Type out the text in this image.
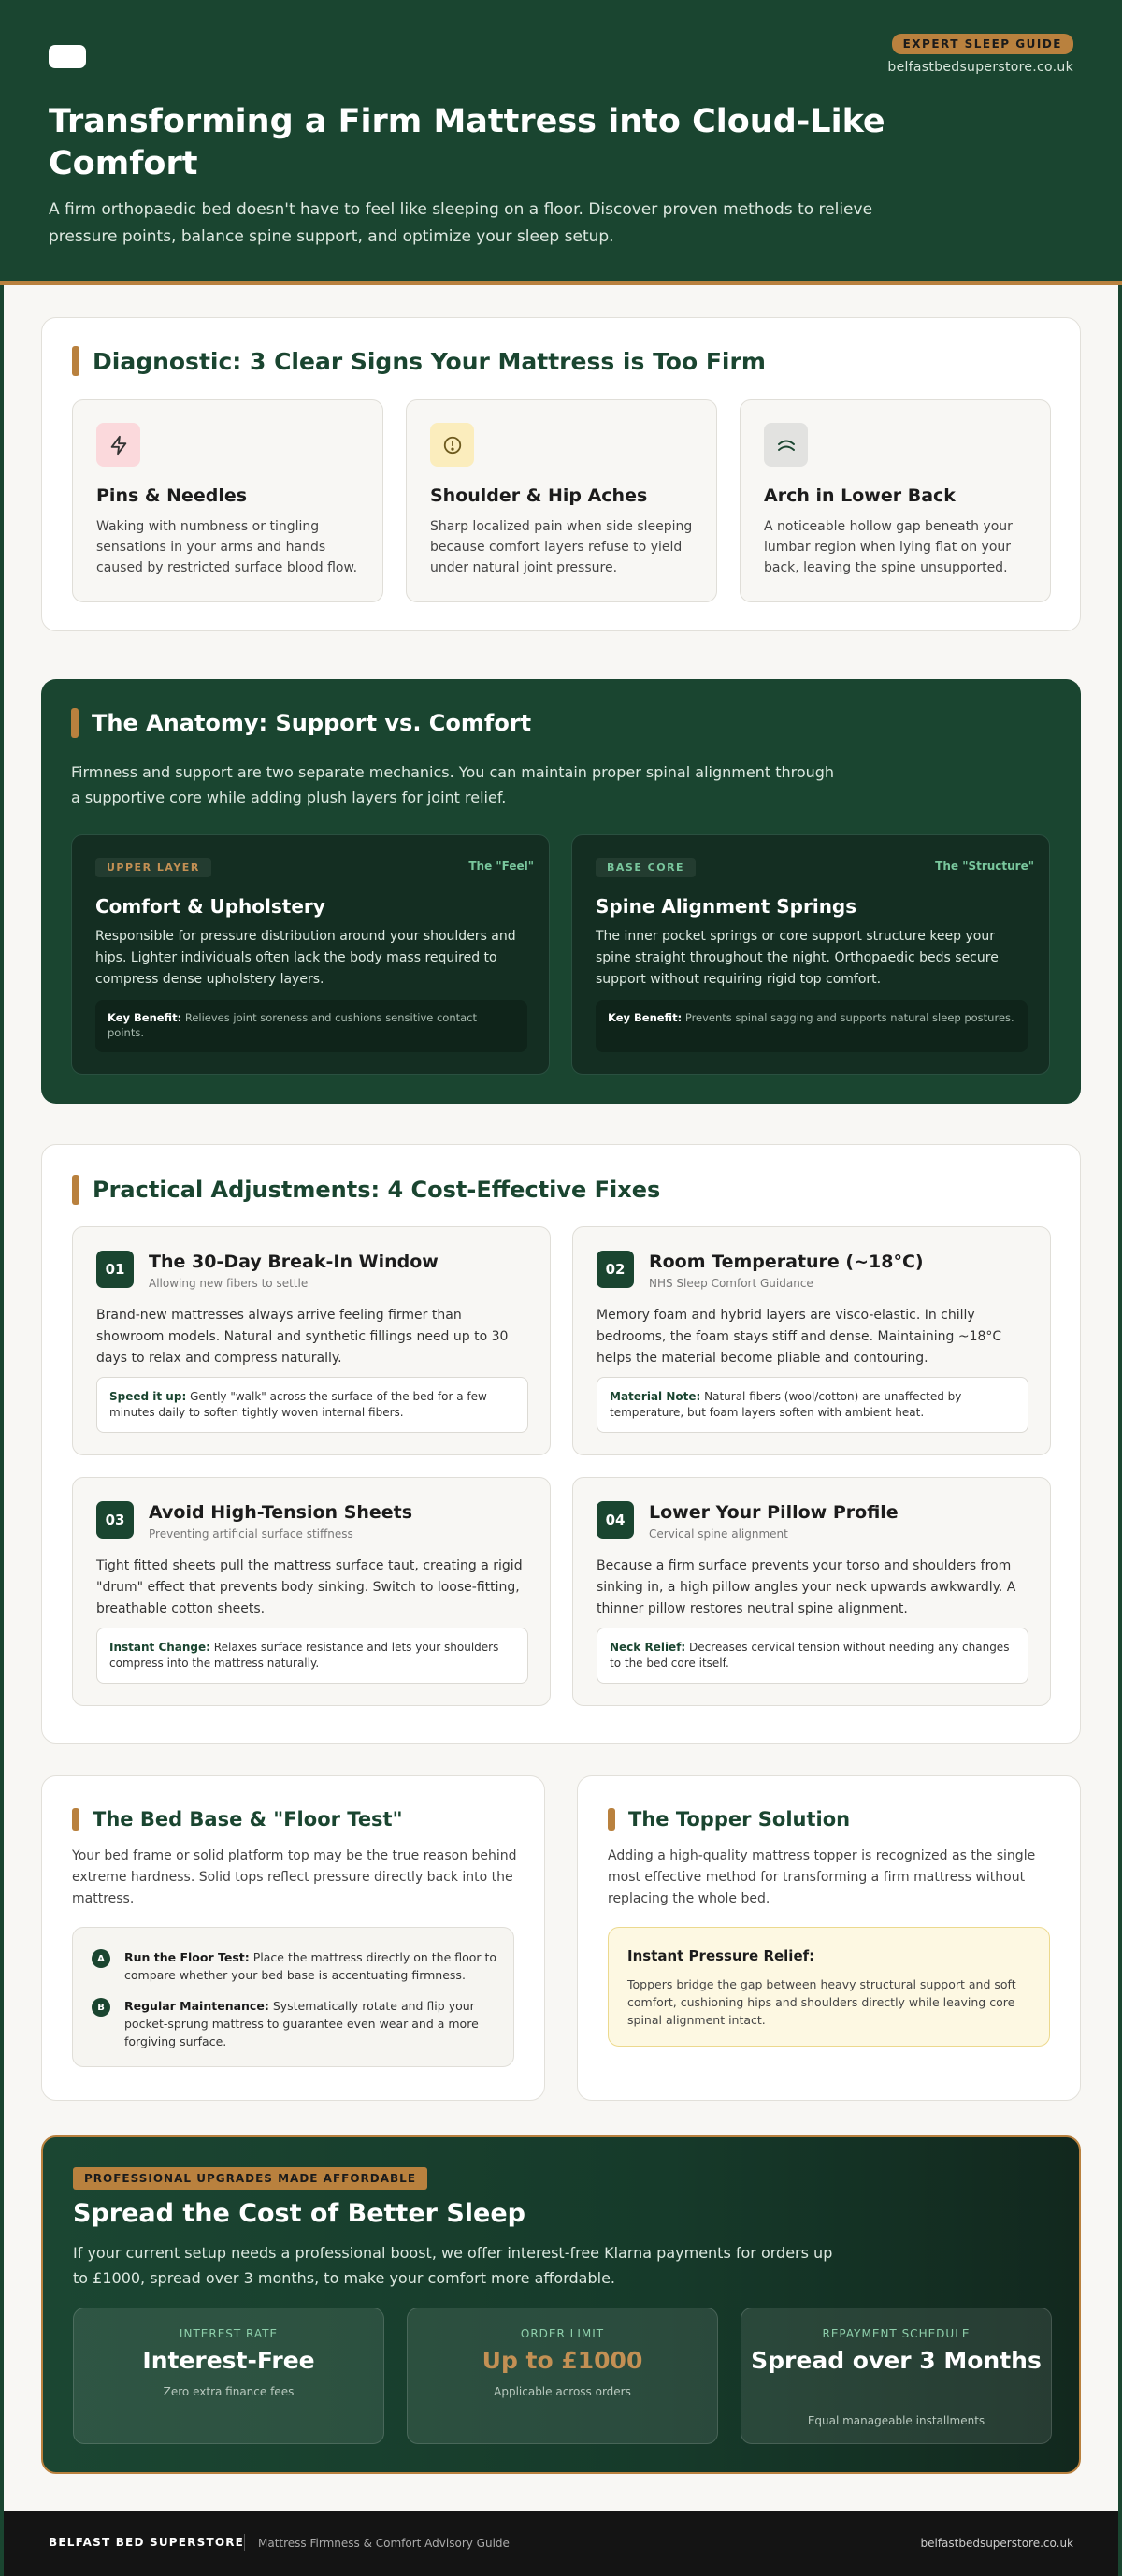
EXPERT SLEEP GUIDE
belfastbedsuperstore.co.uk
Transforming a Firm Mattress into Cloud-Like Comfort

A firm orthopaedic bed doesn't have to feel like sleeping on a floor. Discover proven methods to relieve pressure points, balance spine support, and optimize your sleep setup.

Diagnostic: 3 Clear Signs Your Mattress is Too Firm
Pins & Needles

Waking with numbness or tingling sensations in your arms and hands caused by restricted surface blood flow.

Shoulder & Hip Aches

Sharp localized pain when side sleeping because comfort layers refuse to yield under natural joint pressure.

Arch in Lower Back

A noticeable hollow gap beneath your lumbar region when lying flat on your back, leaving the spine unsupported.

The Anatomy: Support vs. Comfort

Firmness and support are two separate mechanics. You can maintain proper spinal alignment through a supportive core while adding plush layers for joint relief.

UPPER LAYER	The "Feel"
Comfort & Upholstery

Responsible for pressure distribution around your shoulders and hips. Lighter individuals often lack the body mass required to compress dense upholstery layers.

Key Benefit: Relieves joint soreness and cushions sensitive contact points.
BASE CORE	The "Structure"
Spine Alignment Springs

The inner pocket springs or core support structure keep your spine straight throughout the night. Orthopaedic beds secure support without requiring rigid top comfort.

Key Benefit: Prevents spinal sagging and supports natural sleep postures.
Practical Adjustments: 4 Cost-Effective Fixes
01	The 30-Day Break-In Window
Allowing new fibers to settle

Brand-new mattresses always arrive feeling firmer than showroom models. Natural and synthetic fillings need up to 30 days to relax and compress naturally.

Speed it up: Gently "walk" across the surface of the bed for a few minutes daily to soften tightly woven internal fibers.
02	Room Temperature (~18°C)
NHS Sleep Comfort Guidance

Memory foam and hybrid layers are visco-elastic. In chilly bedrooms, the foam stays stiff and dense. Maintaining ~18°C helps the material become pliable and contouring.

Material Note: Natural fibers (wool/cotton) are unaffected by temperature, but foam layers soften with ambient heat.
03	Avoid High-Tension Sheets
Preventing artificial surface stiffness

Tight fitted sheets pull the mattress surface taut, creating a rigid "drum" effect that prevents body sinking. Switch to loose-fitting, breathable cotton sheets.

Instant Change: Relaxes surface resistance and lets your shoulders compress into the mattress naturally.
04	Lower Your Pillow Profile
Cervical spine alignment

Because a firm surface prevents your torso and shoulders from sinking in, a high pillow angles your neck upwards awkwardly. A thinner pillow restores neutral spine alignment.

Neck Relief: Decreases cervical tension without needing any changes to the bed core itself.
The Bed Base & "Floor Test"

Your bed frame or solid platform top may be the true reason behind extreme hardness. Solid tops reflect pressure directly back into the mattress.

A	Run the Floor Test: Place the mattress directly on the floor to compare whether your bed base is accentuating firmness.
B	Regular Maintenance: Systematically rotate and flip your pocket-sprung mattress to guarantee even wear and a more forgiving surface.
The Topper Solution

Adding a high-quality mattress topper is recognized as the single most effective method for transforming a firm mattress without replacing the whole bed.

Instant Pressure Relief:

Toppers bridge the gap between heavy structural support and soft comfort, cushioning hips and shoulders directly while leaving core spinal alignment intact.

PROFESSIONAL UPGRADES MADE AFFORDABLE
Spread the Cost of Better Sleep

If your current setup needs a professional boost, we offer interest-free Klarna payments for orders up to £1000, spread over 3 months, to make your comfort more affordable.

INTEREST RATE
Interest-Free
Zero extra finance fees
ORDER LIMIT
Up to £1000
Applicable across orders
REPAYMENT SCHEDULE
Spread over 3 Months
Equal manageable installments
BELFAST BED SUPERSTORE Mattress Firmness & Comfort Advisory Guide	belfastbedsuperstore.co.uk
